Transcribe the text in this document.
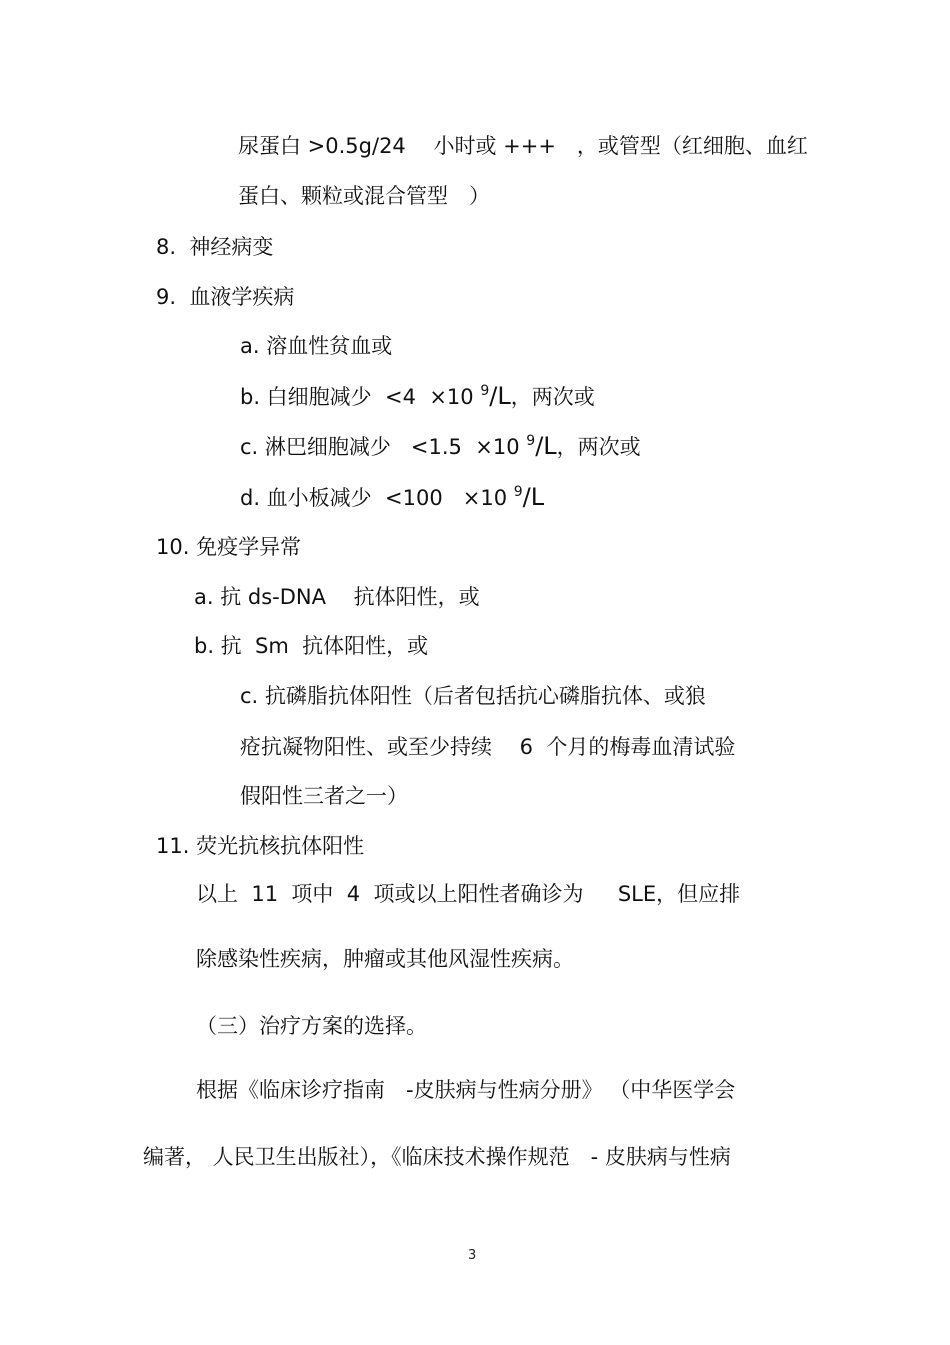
尿蛋白 >0.5g/24　 小时或 +++　，或管型（红细胞、血红
蛋白、颗粒或混合管型　）
8.  神经病变
9.  血液学疾病
a. 溶血性贫血或
b. 白细胞减少  <4  ×10 $^9$/L，两次或
c. 淋巴细胞减少   <1.5  ×10 $^9$/L，两次或
d. 血小板减少  <100   ×10 $^9$/L
10. 免疫学异常
a. 抗 ds-DNA　 抗体阳性，或
b. 抗  Sm  抗体阳性，或
c. 抗磷脂抗体阳性（后者包括抗心磷脂抗体、或狼
疮抗凝物阳性、或至少持续　 6  个月的梅毒血清试验
假阳性三者之一）
11. 荧光抗核抗体阳性
以上  11  项中  4  项或以上阳性者确诊为　  SLE，但应排
除感染性疾病，肿瘤或其他风湿性疾病。
（三）治疗方案的选择。
根据《临床诊疗指南　-皮肤病与性病分册》 （中华医学会
编著， 人民卫生出版社），《临床技术操作规范　- 皮肤病与性病
3
